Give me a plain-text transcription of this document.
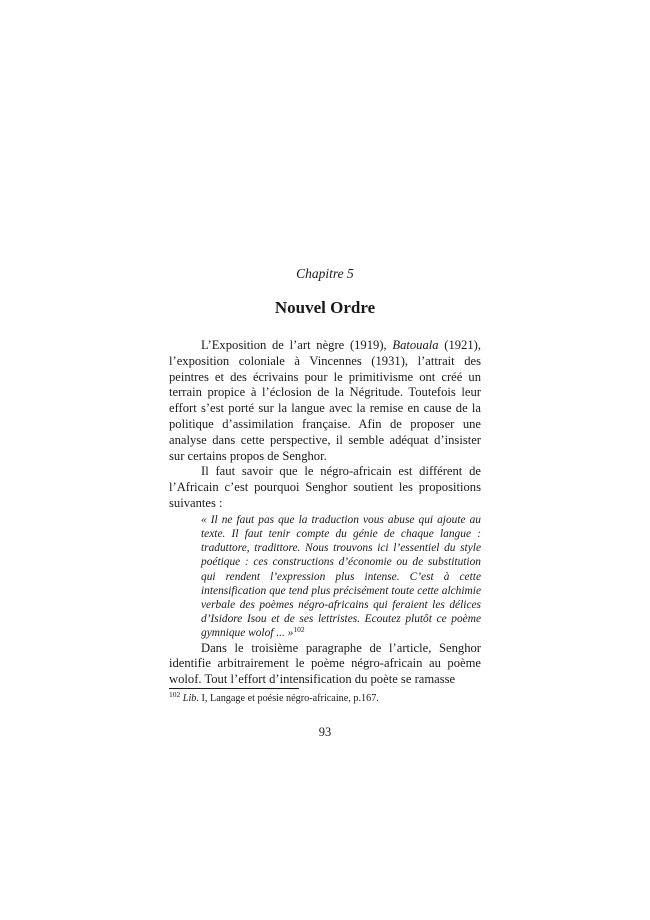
Chapitre 5
Nouvel Ordre

L’Exposition de l’art nègre (1919), Batouala (1921), l’exposition coloniale à Vincennes (1931), l’attrait des peintres et des écrivains pour le primitivisme ont créé un terrain propice à l’éclosion de la Négritude. Toutefois leur effort s’est porté sur la langue avec la remise en cause de la politique d’assimilation française. Afin de proposer une analyse dans cette perspective, il semble adéquat d’insister sur certains propos de Senghor.

Il faut savoir que le négro-africain est différent de l’Africain c’est pourquoi Senghor soutient les propositions suivantes :

« Il ne faut pas que la traduction vous abuse qui ajoute au texte. Il faut tenir compte du génie de chaque langue : traduttore, tradittore. Nous trouvons ici l’essentiel du style poétique : ces constructions d’économie ou de substitution qui rendent l’expression plus intense. C’est à cette intensification que tend plus précisément toute cette alchimie verbale des poèmes négro-africains qui feraient les délices d’Isidore Isou et de ses lettristes. Ecoutez plutôt ce poème gymnique wolof ... »$^{102}$

Dans le troisième paragraphe de l’article, Senghor identifie arbitrairement le poème négro-africain au poème wolof. Tout l’effort d’intensification du poète se ramasse

$^{102}$ Lib. I, Langage et poésie négro-africaine, p.167.

93
